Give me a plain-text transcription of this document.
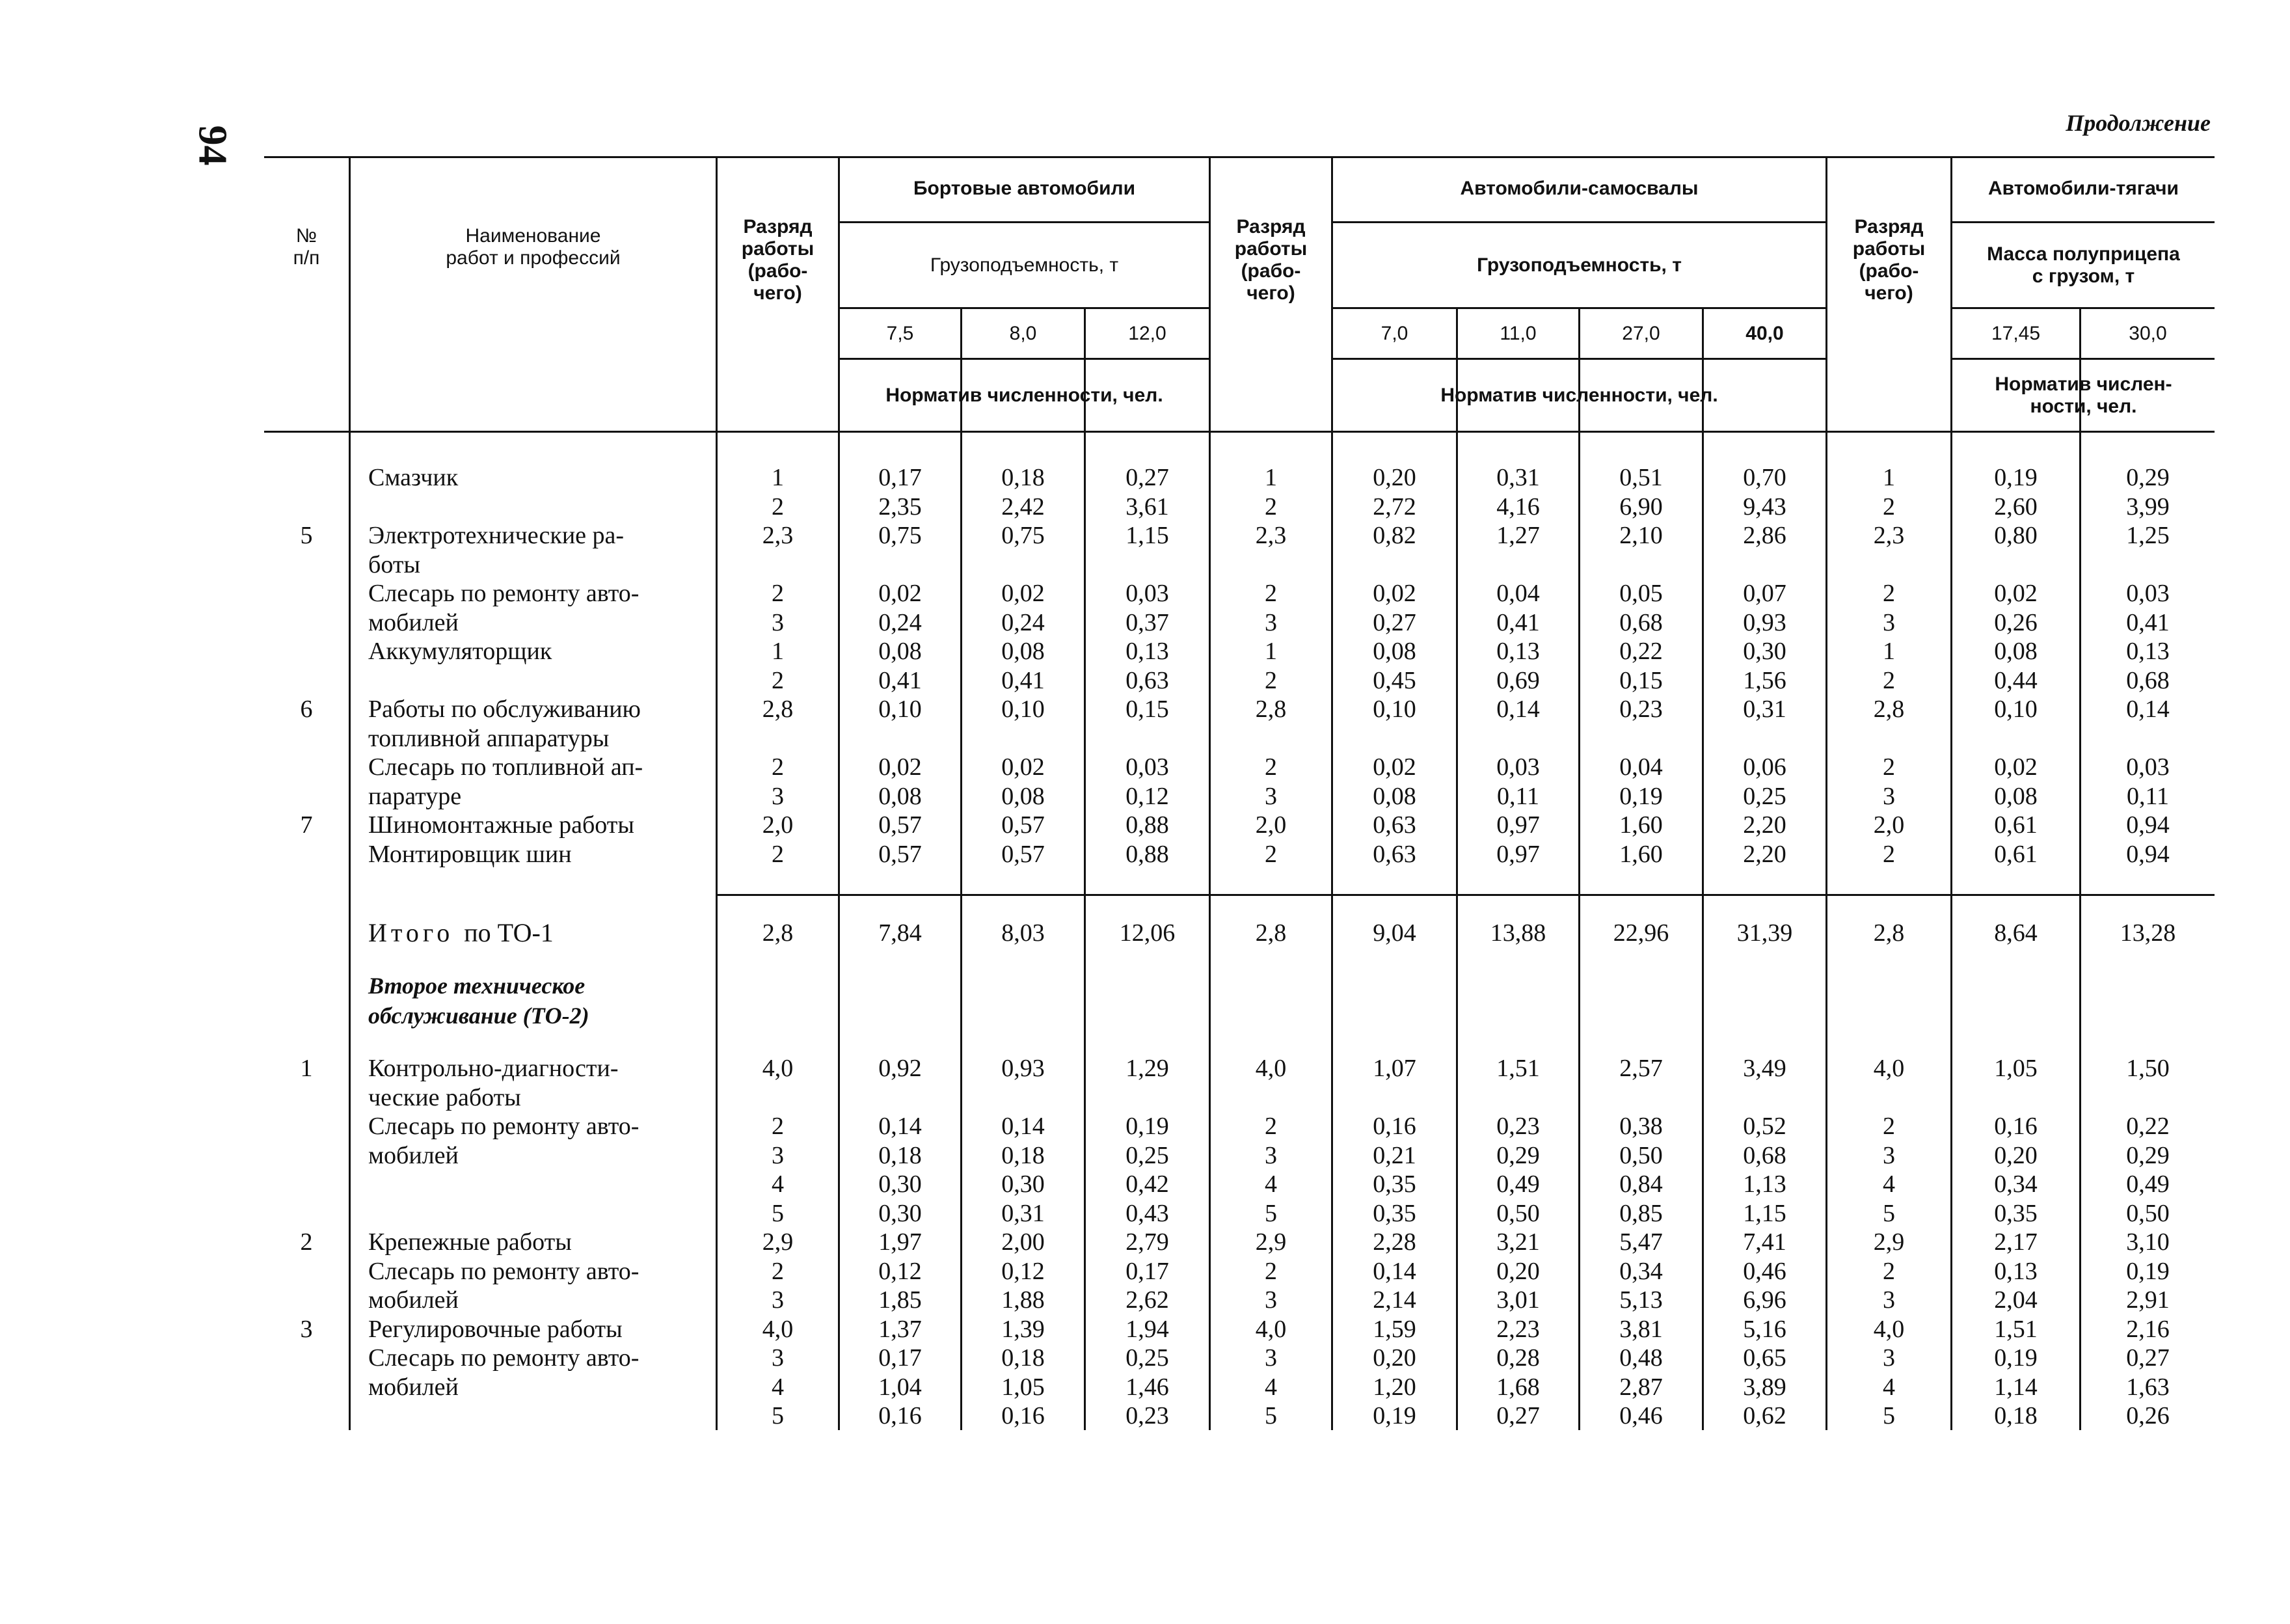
94
Продолжение
№
п/п
Наименование
работ и профессий
Разряд
работы
(рабо-
чего)
Бортовые автомобили
Грузоподъемность, т
7,5	8,0	12,0
Норматив численности, чел.
Разряд
работы
(рабо-
чего)
Автомобили-самосвалы
Грузоподъемность, т
7,0	11,0	27,0	40,0
Норматив численности, чел.
Разряд
работы
(рабо-
чего)
Автомобили-тягачи
Масса полуприцепа
с грузом, т
17,45	30,0
Норматив числен-
ности, чел.
Смазчик	1	0,17	0,18	0,27	1	0,20	0,31	0,51	0,70	1	0,19	0,29
2	2,35	2,42	3,61	2	2,72	4,16	6,90	9,43	2	2,60	3,99
5	Электротехнические ра-	2,3	0,75	0,75	1,15	2,3	0,82	1,27	2,10	2,86	2,3	0,80	1,25
боты
Слесарь по ремонту авто-	2	0,02	0,02	0,03	2	0,02	0,04	0,05	0,07	2	0,02	0,03
мобилей	3	0,24	0,24	0,37	3	0,27	0,41	0,68	0,93	3	0,26	0,41
Аккумуляторщик	1	0,08	0,08	0,13	1	0,08	0,13	0,22	0,30	1	0,08	0,13
2	0,41	0,41	0,63	2	0,45	0,69	0,15	1,56	2	0,44	0,68
6	Работы по обслуживанию	2,8	0,10	0,10	0,15	2,8	0,10	0,14	0,23	0,31	2,8	0,10	0,14
топливной аппаратуры
Слесарь по топливной ап-	2	0,02	0,02	0,03	2	0,02	0,03	0,04	0,06	2	0,02	0,03
паратуре	3	0,08	0,08	0,12	3	0,08	0,11	0,19	0,25	3	0,08	0,11
7	Шиномонтажные работы	2,0	0,57	0,57	0,88	2,0	0,63	0,97	1,60	2,20	2,0	0,61	0,94
Монтировщик шин	2	0,57	0,57	0,88	2	0,63	0,97	1,60	2,20	2	0,61	0,94
Итого по ТО-1	2,8	7,84	8,03	12,06	2,8	9,04	13,88	22,96	31,39	2,8	8,64	13,28
Второе техническое
обслуживание (ТО-2)
1	Контрольно-диагности-	4,0	0,92	0,93	1,29	4,0	1,07	1,51	2,57	3,49	4,0	1,05	1,50
ческие работы
Слесарь по ремонту авто-	2	0,14	0,14	0,19	2	0,16	0,23	0,38	0,52	2	0,16	0,22
мобилей	3	0,18	0,18	0,25	3	0,21	0,29	0,50	0,68	3	0,20	0,29
4	0,30	0,30	0,42	4	0,35	0,49	0,84	1,13	4	0,34	0,49
5	0,30	0,31	0,43	5	0,35	0,50	0,85	1,15	5	0,35	0,50
2	Крепежные работы	2,9	1,97	2,00	2,79	2,9	2,28	3,21	5,47	7,41	2,9	2,17	3,10
Слесарь по ремонту авто-	2	0,12	0,12	0,17	2	0,14	0,20	0,34	0,46	2	0,13	0,19
мобилей	3	1,85	1,88	2,62	3	2,14	3,01	5,13	6,96	3	2,04	2,91
3	Регулировочные работы	4,0	1,37	1,39	1,94	4,0	1,59	2,23	3,81	5,16	4,0	1,51	2,16
Слесарь по ремонту авто-	3	0,17	0,18	0,25	3	0,20	0,28	0,48	0,65	3	0,19	0,27
мобилей	4	1,04	1,05	1,46	4	1,20	1,68	2,87	3,89	4	1,14	1,63
5	0,16	0,16	0,23	5	0,19	0,27	0,46	0,62	5	0,18	0,26
